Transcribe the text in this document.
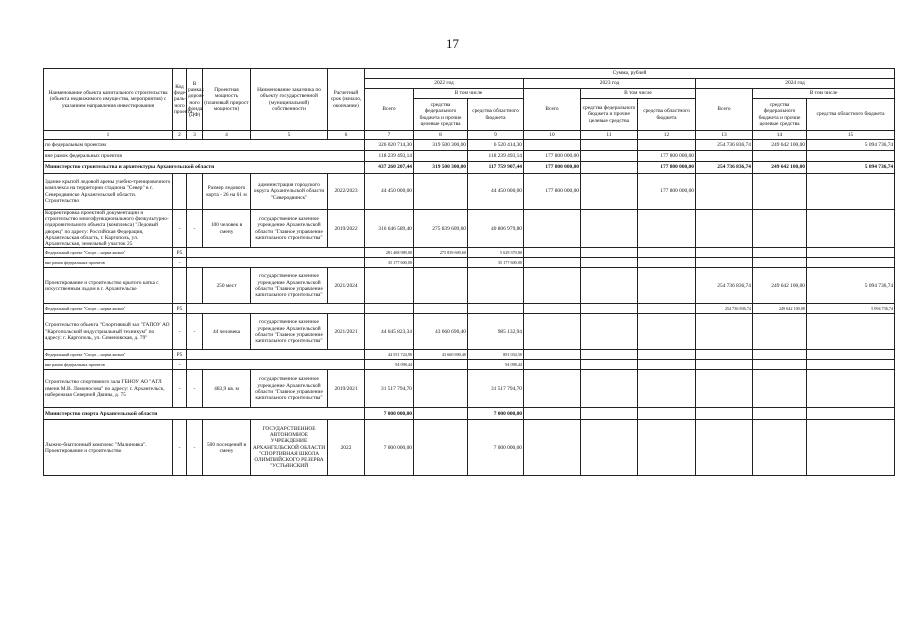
17
Наименование объекта капитального строительства (объекта недвижимого имущества, мероприятия) с указанием направления инвестирования	Код феде-раль-ного проекта	В рамках дорож-ного фонда (ДФ)	Проектная мощность (плановый прирост мощности)	Наименование заказчика по объекту государственной (муниципальной) собственности	Расчетный срок (начало, окончание)	Сумма, рублей								
						2022 год			2023 год			2024 год		
						Всего	В том числе		Всего	В том числе		Всего	В том числе	
							средства федерального бюджета и прочие целевые средства	средства областного бюджета		средства федерального бюджета и прочие целевые средства	средства областного бюджета		средства федерального бюджета и прочие целевые средства	средства областного бюджета
1	2	3	4	5	6	7	8	9	10	11	12	13	14	15
по федеральным проектам						326 020 714,30	319 500 300,00	6 520 414,30				254 736 836,74	249 642 100,00	5 094 736,74
вне рамок федеральных проектов						118 239 493,14		118 239 493,14	177 800 000,00		177 800 000,00			
Министерство строительства и архитектуры Архангельской области						437 260 207,44	319 500 300,00	117 759 907,44	177 800 000,00		177 800 000,00	254 736 836,74	249 642 100,00	5 094 736,74
Здание крытой ледовой арены учебно-тренировочного комплекса на территории стадиона "Север" в г. Северодвинске Архангельской области. Строительство			Размер ледового корта - 26 на 61 м	администрация городского округа Архангельской области "Северодвинск"	2022/2023	44 450 000,00		44 450 000,00	177 800 000,00		177 800 000,00			
Корректировка проектной документации и строительство многофункционального физкультурно-оздоровительного объекта (комплекса) "Ледовый дворец" по адресу: Российская Федерация, Архангельская область, г. Каргополь, ул. Архангельская, земельный участок 25	-	-	100 человек в смену	государственное казенное учреждение Архангельской области "Главное управление капитального строительства"	2019/2022	316 646 589,40	275 839 609,60	40 806 979,80						
Федеральный проект "Спорт – норма жизни"	P5					281 468 989,00	275 839 609,60	5 629 379,80						
вне рамок федеральных проектов	-					35 177 600,00		35 177 600,00						
Проектирование и строительство крытого катка с искусственным льдом в г. Архангельске			250 мест	государственное казенное учреждение Архангельской области "Главное управление капитального строительства"	2021/2024							254 736 836,74	249 642 100,00	5 094 736,74
Федеральный проект "Спорт – норма жизни"	P5											254 736 836,74	249 642 100,00	5 094 736,74
Строительство объекта "Спортивный зал "ГАПОУ АО "Каргопольский индустриальный техникум" по адресу: г. Каргополь, ул. Семеновская, д. 79"	-	-	44 человека	государственное казенное учреждение Архангельской области "Главное управление капитального строительства"	2021/2021	44 645 823,34	43 660 690,40	985 132,94						
Федеральный проект "Спорт – норма жизни"	P5					44 551 724,90	43 660 690,40	891 034,50						
вне рамок федеральных проектов	-					94 098,44		94 098,44						
Строительство спортивного зала ГБНОУ АО "АГЛ имени М.В. Ломоносова" по адресу: г. Архангельск, набережная Северной Двины, д. 75	-	-	483,9 кв. м	государственное казенное учреждение Архангельской области "Главное управление капитального строительства"	2019/2021	31 517 794,70		31 517 794,70						
Министерство спорта Архангельской области						7 000 000,00		7 000 000,00						
Лыжно-биатлонный комплекс "Малиновка". Проектирование и строительство	-	-	500 посещений в смену	ГОСУДАРСТВЕННОЕ АВТОНОМНОЕ УЧРЕЖДЕНИЕ АРХАНГЕЛЬСКОЙ ОБЛАСТИ "СПОРТИВНАЯ ШКОЛА ОЛИМПИЙСКОГО РЕЗЕРВА "УСТЬЯНСКИЙ	2022	7 000 000,00		7 000 000,00						
